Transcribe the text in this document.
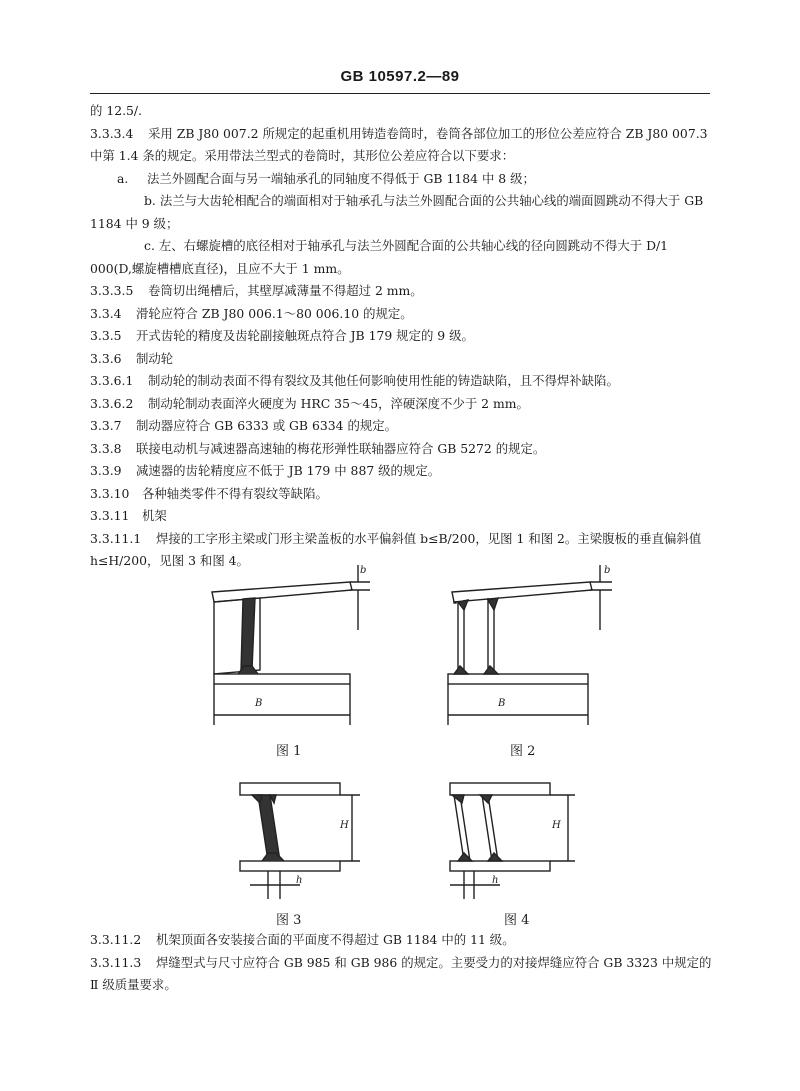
GB 10597.2—89

的 12.5/.

3.3.3.4 采用 ZB J80 007.2 所规定的起重机用铸造卷筒时，卷筒各部位加工的形位公差应符合 ZB J80 007.3中第 1.4 条的规定。采用带法兰型式的卷筒时，其形位公差应符合以下要求：

a. 法兰外圆配合面与另一端轴承孔的同轴度不得低于 GB 1184 中 8 级；

b. 法兰与大齿轮相配合的端面相对于轴承孔与法兰外圆配合面的公共轴心线的端面圆跳动不得大于 GB 1184 中 9 级；

c. 左、右螺旋槽的底径相对于轴承孔与法兰外圆配合面的公共轴心线的径向圆跳动不得大于 D/1 000(D,螺旋槽槽底直径)，且应不大于 1 mm。

3.3.3.5 卷筒切出绳槽后，其壁厚减薄量不得超过 2 mm。

3.3.4 滑轮应符合 ZB J80 006.1～80 006.10 的规定。

3.3.5 开式齿轮的精度及齿轮副接触斑点符合 JB 179 规定的 9 级。

3.3.6 制动轮

3.3.6.1 制动轮的制动表面不得有裂纹及其他任何影响使用性能的铸造缺陷，且不得焊补缺陷。

3.3.6.2 制动轮制动表面淬火硬度为 HRC 35～45，淬硬深度不少于 2 mm。

3.3.7 制动器应符合 GB 6333 或 GB 6334 的规定。

3.3.8 联接电动机与减速器高速轴的梅花形弹性联轴器应符合 GB 5272 的规定。

3.3.9 减速器的齿轮精度应不低于 JB 179 中 887 级的规定。

3.3.10 各种轴类零件不得有裂纹等缺陷。

3.3.11 机架

3.3.11.1 焊接的工字形主梁或门形主梁盖板的水平偏斜值 b≤B/200，见图 1 和图 2。主梁腹板的垂直偏斜值 h≤H/200，见图 3 和图 4。

b
B
图 1
b
B
图 2
H
h
图 3
H
h
图 4

3.3.11.2 机架顶面各安装接合面的平面度不得超过 GB 1184 中的 11 级。

3.3.11.3 焊缝型式与尺寸应符合 GB 985 和 GB 986 的规定。主要受力的对接焊缝应符合 GB 3323 中规定的 Ⅱ 级质量要求。
